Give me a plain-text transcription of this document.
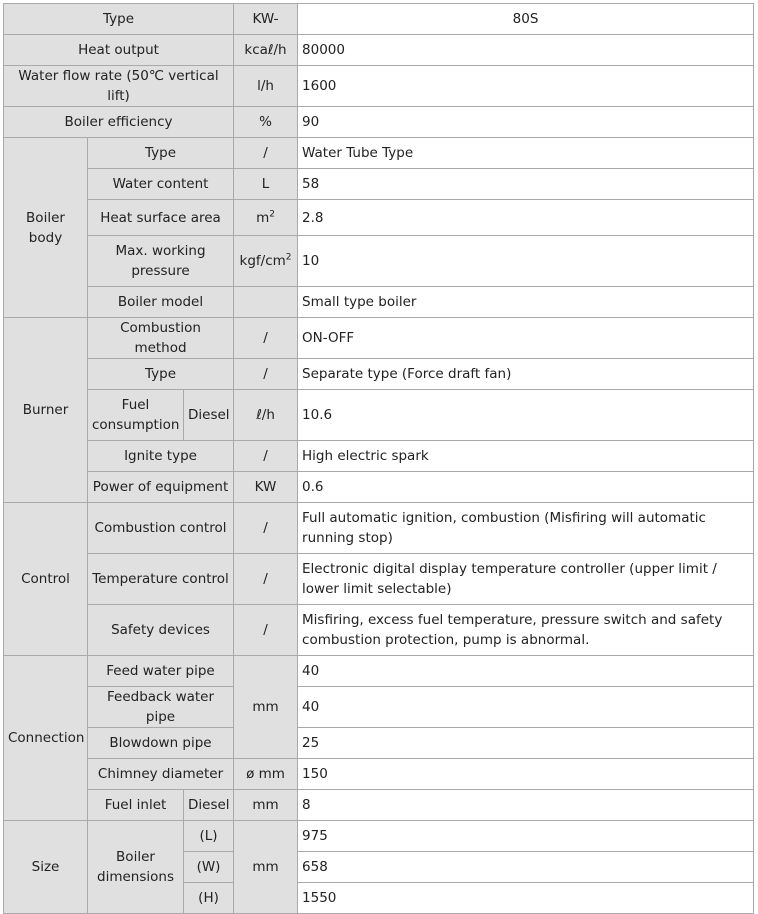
Type			KW-	80S
Heat output			kcaℓ/h	80000
Water flow rate (50℃ vertical lift)			l/h	1600
Boiler efficiency			%	90
Boiler body	Type		/	Water Tube Type
	Water content		L	58
	Heat surface area		$m^2$	2.8
	Max. working pressure		kgf/$cm^2$	10
	Boiler model			Small type boiler
Burner	Combustion method		/	ON-OFF
	Type		/	Separate type (Force draft fan)
	Fuel consumption	Diesel	ℓ/h	10.6
	Ignite type		/	High electric spark
	Power of equipment		KW	0.6
Control	Combustion control		/	Full automatic ignition, combustion (Misfiring will automatic running stop)
	Temperature control		/	Electronic digital display temperature controller (upper limit / lower limit selectable)
	Safety devices		/	Misfiring, excess fuel temperature, pressure switch and safety combustion protection, pump is abnormal.
Connection	Feed water pipe		mm	40
	Feedback water pipe			40
	Blowdown pipe			25
	Chimney diameter		ø mm	150
	Fuel inlet	Diesel	mm	8
Size	Boiler dimensions	(L)	mm	975
		(W)		658
		(H)		1550
